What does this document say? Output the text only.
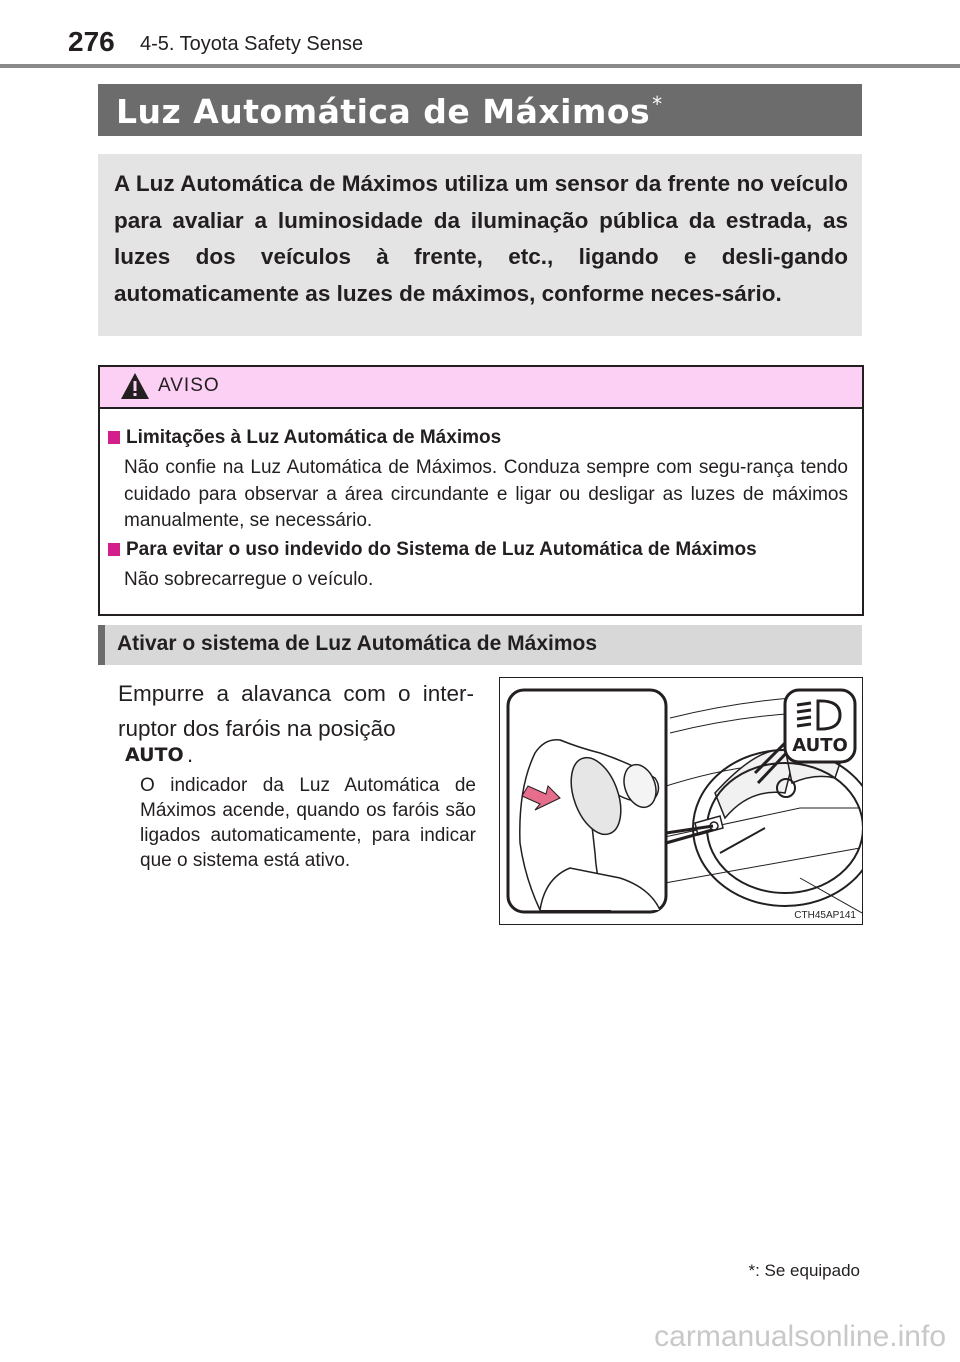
276 4-5. Toyota Safety Sense
Luz Automática de Máximos *
A Luz Automática de Máximos utiliza um sensor da frente no veículo para avaliar a luminosidade da iluminação pública da estrada, as luzes dos veículos à frente, etc., ligando e desli-gando automaticamente as luzes de máximos, conforme neces-sário.
AVISO
Limitações à Luz Automática de Máximos
Não confie na Luz Automática de Máximos. Conduza sempre com segu-rança tendo cuidado para observar a área circundante e ligar ou desligar as luzes de máximos manualmente, se necessário.
Para evitar o uso indevido do Sistema de Luz Automática de Máximos
Não sobrecarregue o veículo.
Ativar o sistema de Luz Automática de Máximos
Empurre a alavanca com o inter-ruptor dos faróis na posição
AUTO .
O indicador da Luz Automática de Máximos acende, quando os faróis são ligados automaticamente, para indicar que o sistema está ativo.
AUTO
CTH45AP141
*: Se equipado
carmanualsonline.info
